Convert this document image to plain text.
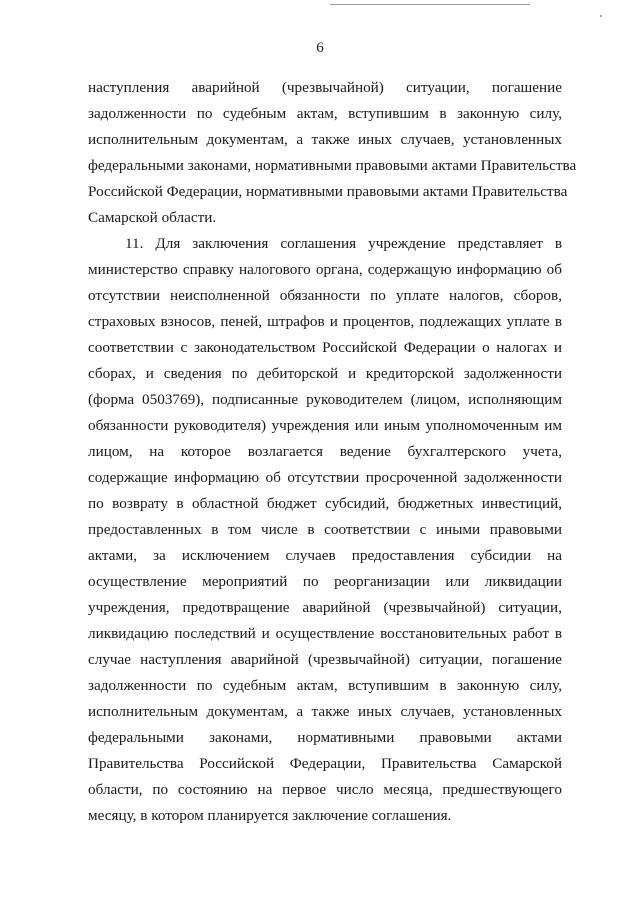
6
наступления аварийной (чрезвычайной) ситуации, погашение
задолженности по судебным актам, вступившим в законную силу,
исполнительным документам, а также иных случаев, установленных
федеральными законами, нормативными правовыми актами Правительства
Российской Федерации, нормативными правовыми актами Правительства
Самарской области.
11. Для заключения соглашения учреждение представляет в
министерство справку налогового органа, содержащую информацию об
отсутствии неисполненной обязанности по уплате налогов, сборов,
страховых взносов, пеней, штрафов и процентов, подлежащих уплате в
соответствии с законодательством Российской Федерации о налогах и
сборах, и сведения по дебиторской и кредиторской задолженности
(форма 0503769), подписанные руководителем (лицом, исполняющим
обязанности руководителя) учреждения или иным уполномоченным им
лицом, на которое возлагается ведение бухгалтерского учета,
содержащие информацию об отсутствии просроченной задолженности
по возврату в областной бюджет субсидий, бюджетных инвестиций,
предоставленных в том числе в соответствии с иными правовыми
актами, за исключением случаев предоставления субсидии на
осуществление мероприятий по реорганизации или ликвидации
учреждения, предотвращение аварийной (чрезвычайной) ситуации,
ликвидацию последствий и осуществление восстановительных работ в
случае наступления аварийной (чрезвычайной) ситуации, погашение
задолженности по судебным актам, вступившим в законную силу,
исполнительным документам, а также иных случаев, установленных
федеральными законами, нормативными правовыми актами
Правительства Российской Федерации, Правительства Самарской
области, по состоянию на первое число месяца, предшествующего
месяцу, в котором планируется заключение соглашения.
